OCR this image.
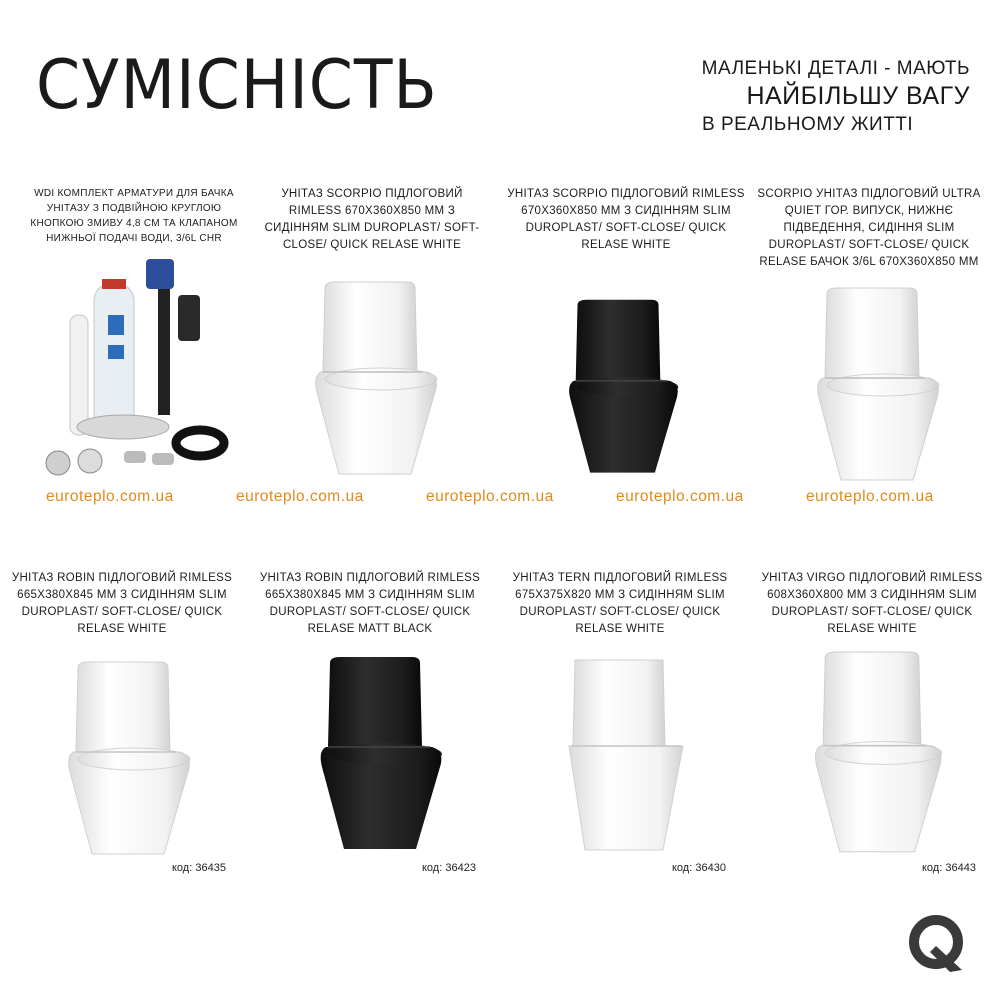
СУМІСНІСТЬ	МАЛЕНЬКІ ДЕТАЛІ - МАЮТЬ
НАЙБІЛЬШУ ВАГУ
В РЕАЛЬНОМУ ЖИТТІ
WDI КОМПЛЕКТ АРМАТУРИ ДЛЯ БАЧКА УНІТАЗУ З ПОДВІЙНОЮ КРУГЛОЮ КНОПКОЮ ЗМИВУ 4,8 СМ ТА КЛАПАНОМ НИЖНЬОЇ ПОДАЧІ ВОДИ, 3/6L CHR
УНІТАЗ SCORPIO ПІДЛОГОВИЙ RIMLESS 670Х360Х850 ММ З СИДІННЯМ SLIM DUROPLAST/ SOFT-CLOSE/ QUICK RELASE WHITE
УНІТАЗ SCORPIO ПІДЛОГОВИЙ RIMLESS 670Х360Х850 ММ З СИДІННЯМ SLIM DUROPLAST/ SOFT-CLOSE/ QUICK RELASE WHITE
SCORPIO УНІТАЗ ПІДЛОГОВИЙ ULTRA QUIET ГОР. ВИПУСК, НИЖНЄ ПІДВЕДЕННЯ, СИДІННЯ SLIM DUROPLAST/ SOFT-CLOSE/ QUICK RELASE БАЧОК 3/6L 670Х360Х850 ММ
euroteplo.com.ua	euroteplo.com.ua	euroteplo.com.ua	euroteplo.com.ua	euroteplo.com.ua
УНІТАЗ ROBIN ПІДЛОГОВИЙ RIMLESS 665Х380Х845 ММ З СИДІННЯМ SLIM DUROPLAST/ SOFT-CLOSE/ QUICK RELASE WHITE
УНІТАЗ ROBIN ПІДЛОГОВИЙ RIMLESS 665Х380Х845 ММ З СИДІННЯМ SLIM DUROPLAST/ SOFT-CLOSE/ QUICK RELASE MATT BLACK
УНІТАЗ TERN ПІДЛОГОВИЙ RIMLESS 675Х375Х820 ММ З СИДІННЯМ SLIM DUROPLAST/ SOFT-CLOSE/ QUICK RELASE WHITE
УНІТАЗ VIRGO ПІДЛОГОВИЙ RIMLESS 608Х360Х800 ММ З СИДІННЯМ SLIM DUROPLAST/ SOFT-CLOSE/ QUICK RELASE WHITE
код: 36435	код: 36423	код: 36430	код: 36443
